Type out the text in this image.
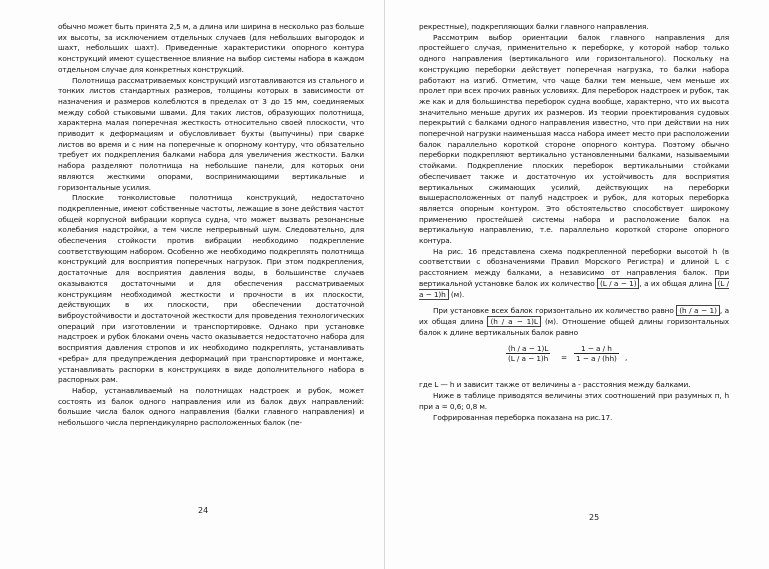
обычно может быть принята 2,5 м, а длина или ширина в несколько раз больше их высоты, за исключением отдельных случаев (для небольших выгородок и шахт, небольших шахт). Приведенные характеристики опорного контура конструкций имеют существенное влияние на выбор системы набора в каждом отдельном случае для конкретных конструкций.

Полотнища рассматриваемых конструкций изготавливаются из стального и тонких листов стандартных размеров, толщины которых в зависимости от назначения и размеров колеблются в пределах от 3 до 15 мм, соединяемых между собой стыковыми швами. Для таких листов, образующих полотнища, характерна малая поперечная жесткость относительно своей плоскости, что приводит к деформациям и обусловливает бухты (выпучины) при сварке листов во время и с ним на поперечные к опорному контуру, что обязательно требует их подкрепления балками набора для увеличения жесткости. Балки набора разделяют полотнища на небольшие панели, для которых они являются жесткими опорами, воспринимающими вертикальные и горизонтальные усилия.

Плоские тонколистовые полотнища конструкций, недостаточно подкрепленные, имеют собственные частоты, лежащие в зоне действия частот общей корпусной вибрации корпуса судна, что может вызвать резонансные колебания надстройки, а тем числе непрерывный шум. Следовательно, для обеспечения стойкости против вибрации необходимо подкрепление соответствующим набором. Особенно же необходимо подкреплять полотнища конструкций для восприятия поперечных нагрузок. При этом подкрепления, достаточные для восприятия давления воды, в большинстве случаев оказываются достаточными и для обеспечения рассматриваемых конструкциям необходимой жесткости и прочности в их плоскости, действующих в их плоскости, при обеспечении достаточной виброустойчивости и достаточной жесткости для проведения технологических операций при изготовлении и транспортировке. Однако при установке надстроек и рубок блоками очень часто оказывается недостаточно набора для восприятия давления стропов и их необходимо подкреплять, устанавливать «ребра» для предупреждения деформаций при транспортировке и монтаже, устанавливать распорки в конструкциях в виде дополнительного набора в распорных рам.

Набор, устанавливаемый на полотнищах надстроек и рубок, может состоять из балок одного направления или из балок двух направлений: большие числа балок одного направления (балки главного направления) и небольшого числа перпендикулярно расположенных балок (пе-

24

рекрестные), подкрепляющих балки главного направления.

Рассмотрим выбор ориентации балок главного направления для простейшего случая, применительно к переборке, у которой набор только одного направления (вертикального или горизонтального). Поскольку на конструкцию переборки действует поперечная нагрузка, то балки набора работают на изгиб. Отметим, что чаще балки тем меньше, чем меньше их пролет при всех прочих равных условиях. Для переборок надстроек и рубок, так же как и для большинства переборок судна вообще, характерно, что их высота значительно меньше других их размеров. Из теории проектирования судовых перекрытий с балками одного направления известно, что при действии на них поперечной нагрузки наименьшая масса набора имеет место при расположении балок параллельно короткой стороне опорного контура. Поэтому обычно переборки подкрепляют вертикально установленными балками, называемыми стойками. Подкрепление плоских переборок вертикальными стойками обеспечивает также и достаточную их устойчивость для восприятия вертикальных сжимающих усилий, действующих на переборки вышерасположенных от палуб надстроек и рубок, для которых переборка является опорным контуром. Это обстоятельство способствует широкому применению простейшей системы набора и расположение балок на вертикальную направлению, т.е. параллельно короткой стороне опорного контура.

На рис. 16 представлена схема подкрепленной переборки высотой h (в соответствии с обозначениями Правил Морского Регистра) и длиной L с расстоянием между балками, а независимо от направления балок. При вертикальной установке балок их количество (L / a − 1) , а их общая длина (L / a − 1)h (м).

При установке всех балок горизонтально их количество равно (h / a − 1) , а их общая длина (h / a − 1)L (м). Отношение общей длины горизонтальных балок к длине вертикальных балок равно

$\frac{(h / a - 1)L}{(L / a - 1)h} = \frac{1 - a / h}{1 - a / (hh)}$ ,

где L — h и зависит также от величины a - расстояния между балками.

Ниже в таблице приводятся величины этих соотношений при разумных п, h при a = 0,6; 0,8 м.

Гофрированная переборка показана на рис.17.

25
